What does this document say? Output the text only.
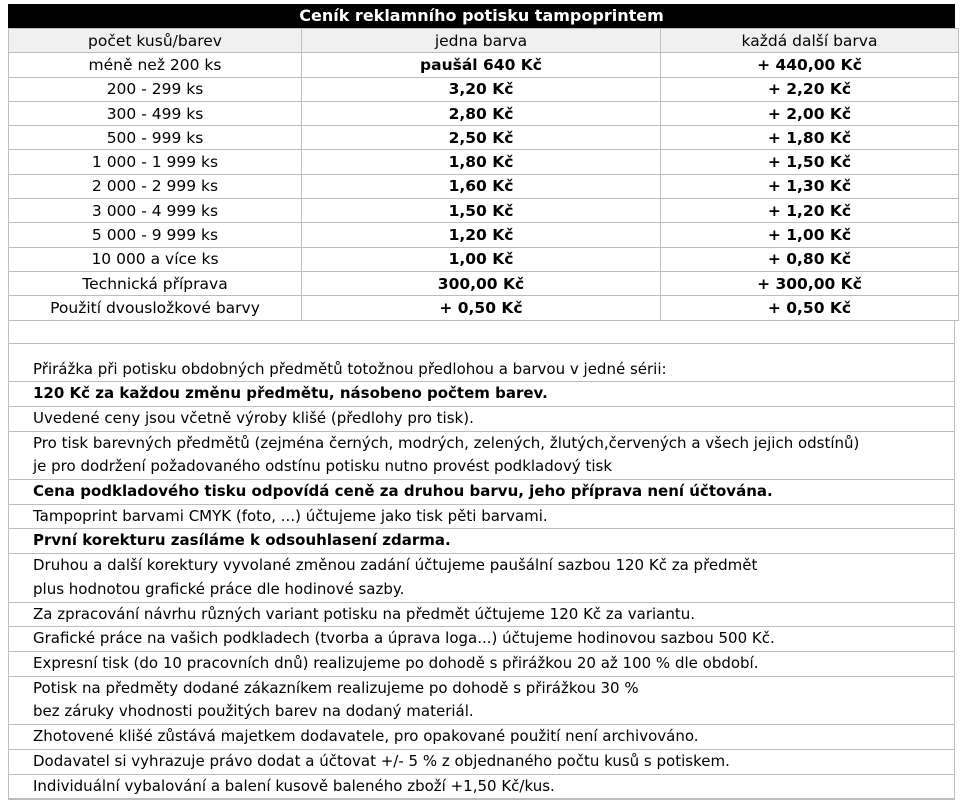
Ceník reklamního potisku tampoprintem
počet kusů/barev	jedna barva	každá další barva
méně než 200 ks	paušál 640 Kč	+ 440,00 Kč
200 - 299 ks	3,20 Kč	+ 2,20 Kč
300 - 499 ks	2,80 Kč	+ 2,00 Kč
500 - 999 ks	2,50 Kč	+ 1,80 Kč
1 000 - 1 999 ks	1,80 Kč	+ 1,50 Kč
2 000 - 2 999 ks	1,60 Kč	+ 1,30 Kč
3 000 - 4 999 ks	1,50 Kč	+ 1,20 Kč
5 000 - 9 999 ks	1,20 Kč	+ 1,00 Kč
10 000 a více ks	1,00 Kč	+ 0,80 Kč
Technická příprava	300,00 Kč	+ 300,00 Kč
Použití dvousložkové barvy	+ 0,50 Kč	+ 0,50 Kč
Přirážka při potisku obdobných předmětů totožnou předlohou a barvou v jedné sérii:
120 Kč za každou změnu předmětu, násobeno počtem barev.
Uvedené ceny jsou včetně výroby klišé (předlohy pro tisk).
Pro tisk barevných předmětů (zejména černých, modrých, zelených, žlutých,červených a všech jejich odstínů)
je pro dodržení požadovaného odstínu potisku nutno provést podkladový tisk
Cena podkladového tisku odpovídá ceně za druhou barvu, jeho příprava není účtována.
Tampoprint barvami CMYK (foto, ...) účtujeme jako tisk pěti barvami.
První korekturu zasíláme k odsouhlasení zdarma.
Druhou a další korektury vyvolané změnou zadání účtujeme paušální sazbou 120 Kč za předmět
plus hodnotou grafické práce dle hodinové sazby.
Za zpracování návrhu různých variant potisku na předmět účtujeme 120 Kč za variantu.
Grafické práce na vašich podkladech (tvorba a úprava loga...) účtujeme hodinovou sazbou 500 Kč.
Expresní tisk (do 10 pracovních dnů) realizujeme po dohodě s přirážkou 20 až 100 % dle období.
Potisk na předměty dodané zákazníkem realizujeme po dohodě s přirážkou 30 %
bez záruky vhodnosti použitých barev na dodaný materiál.
Zhotovené klišé zůstává majetkem dodavatele, pro opakované použití není archivováno.
Dodavatel si vyhrazuje právo dodat a účtovat +/- 5 % z objednaného počtu kusů s potiskem.
Individuální vybalování a balení kusově baleného zboží +1,50 Kč/kus.
